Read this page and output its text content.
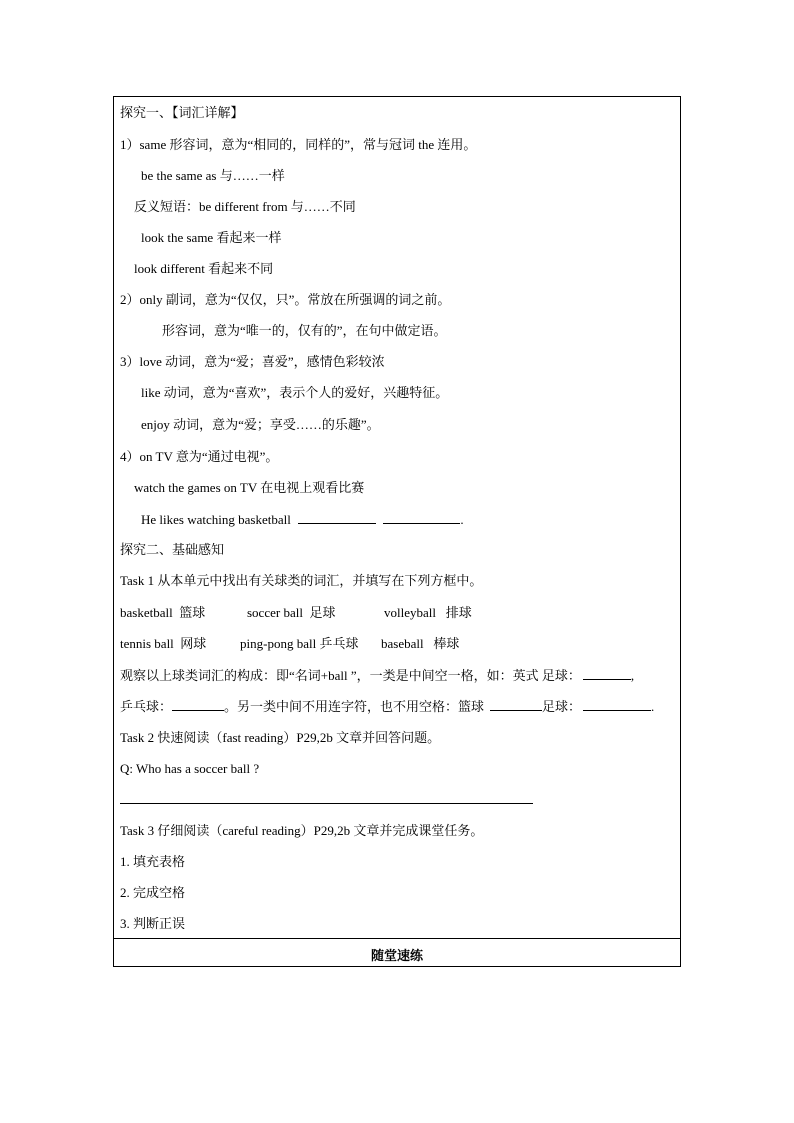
探究一、【词汇详解】
1）same 形容词，意为“相同的，同样的”，常与冠词 the 连用。
be the same as 与……一样
反义短语：be different from 与……不同
look the same 看起来一样
look different 看起来不同
2）only 副词，意为“仅仅，只”。常放在所强调的词之前。
形容词，意为“唯一的，仅有的”，在句中做定语。
3）love 动词，意为“爱；喜爱”，感情色彩较浓
like 动词，意为“喜欢”，表示个人的爱好，兴趣特征。
enjoy 动词，意为“爱；享受……的乐趣”。
4）on TV 意为“通过电视”。
watch the games on TV 在电视上观看比赛
He likes watching basketball	.
探究二、基础感知
Task 1 从本单元中找出有关球类的词汇，并填写在下列方框中。
basketball 篮球	soccer ball 足球	volleyball 排球
tennis ball 网球	ping-pong ball 乒乓球 baseball 棒球
观察以上球类词汇的构成：即“名词+ball ”，一类是中间空一格，如：英式 足球：	,
乒乓球：	。另一类中间不用连字符，也不用空格：篮球	足球：	.
Task 2 快速阅读（fast reading）P29,2b 文章并回答问题。
Q: Who has a soccer ball ?
Task 3 仔细阅读（careful reading）P29,2b 文章并完成课堂任务。
1. 填充表格
2. 完成空格
3. 判断正误
随堂速练
